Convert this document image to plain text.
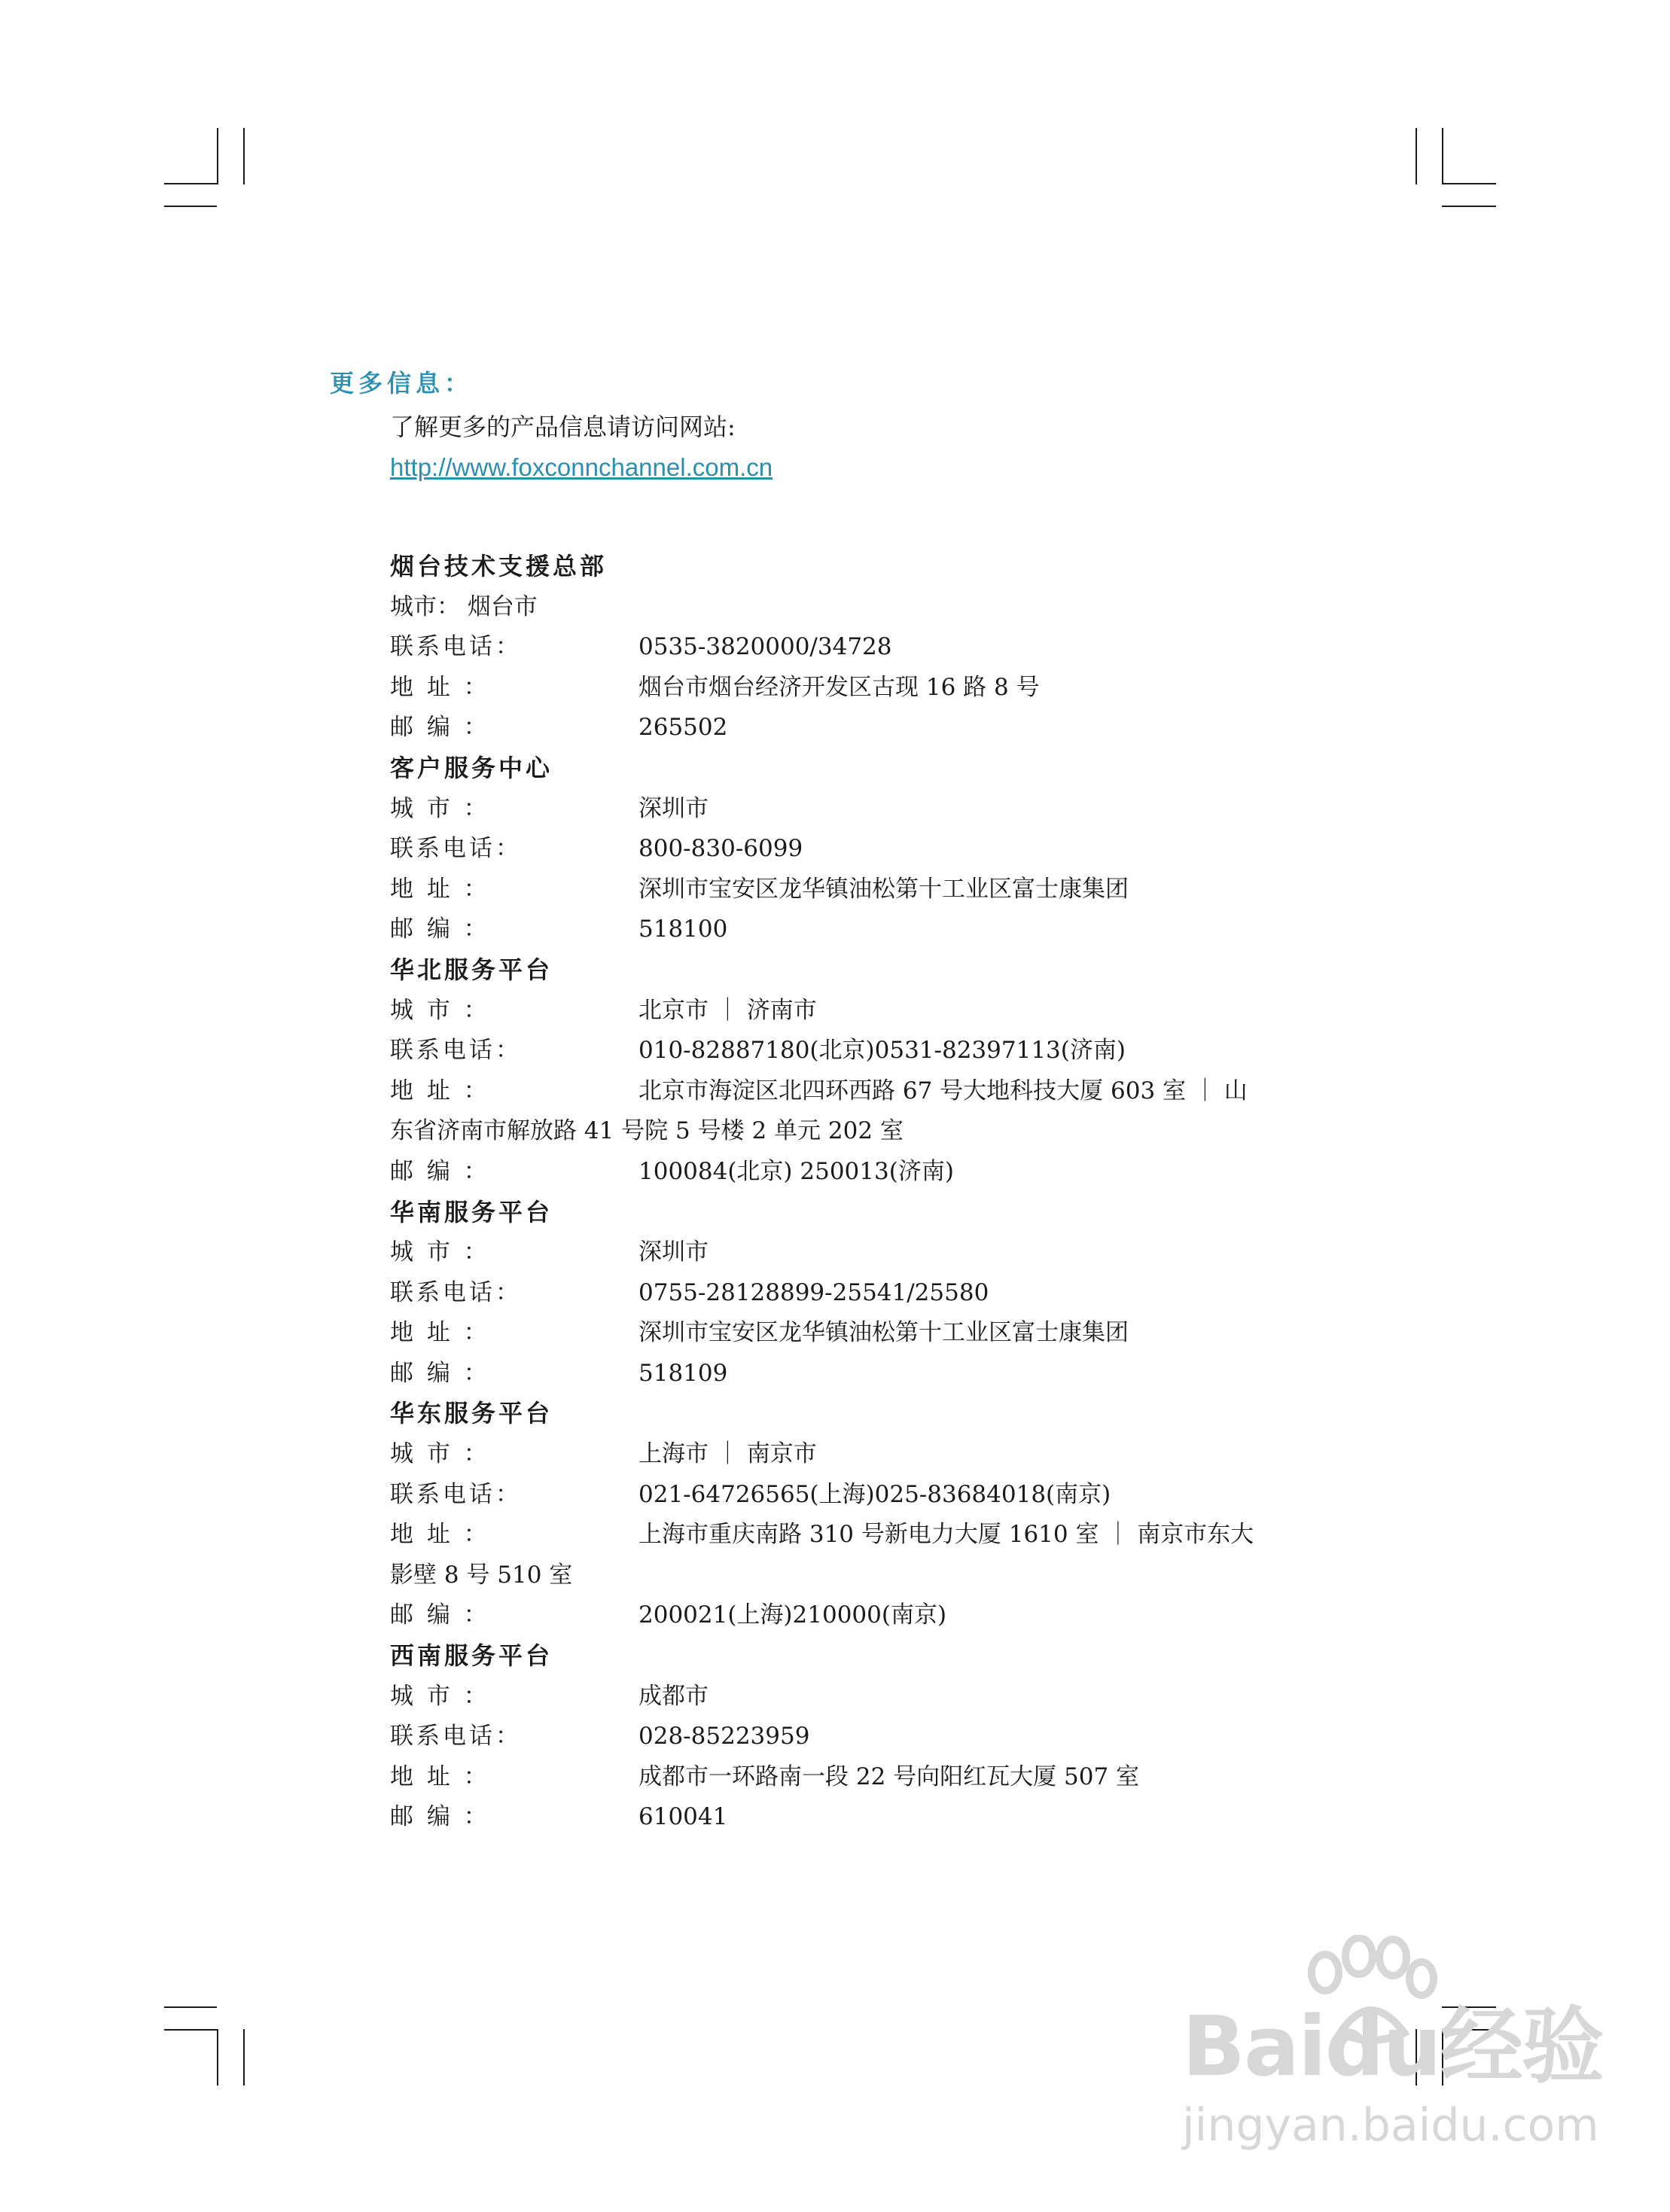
更多信息：
了解更多的产品信息请访问网站:
http://www.foxconnchannel.com.cn
烟台技术支援总部
城市： 烟台市
联系电话：	0535-3820000/34728
地 址 ：	烟台市烟台经济开发区古现 16 路 8 号
邮 编 ：	265502
客户服务中心
城 市 ：	深圳市
联系电话：	800-830-6099
地 址 ：	深圳市宝安区龙华镇油松第十工业区富士康集团
邮 编 ：	518100
华北服务平台
城 市 ：	北京市 ｜ 济南市
联系电话：	010-82887180(北京)0531-82397113(济南)
地 址 ：	北京市海淀区北四环西路 67 号大地科技大厦 603 室 ｜ 山
东省济南市解放路 41 号院 5 号楼 2 单元 202 室
邮 编 ：	100084(北京) 250013(济南)
华南服务平台
城 市 ：	深圳市
联系电话：	0755-28128899-25541/25580
地 址 ：	深圳市宝安区龙华镇油松第十工业区富士康集团
邮 编 ：	518109
华东服务平台
城 市 ：	上海市 ｜ 南京市
联系电话：	021-64726565(上海)025-83684018(南京)
地 址 ：	上海市重庆南路 310 号新电力大厦 1610 室 ｜ 南京市东大
影壁 8 号 510 室
邮 编 ：	200021(上海)210000(南京)
西南服务平台
城 市 ：	成都市
联系电话：	028-85223959
地 址 ：	成都市一环路南一段 22 号向阳红瓦大厦 507 室
邮 编 ：	610041
Baidu经验
jingyan.baidu.com
